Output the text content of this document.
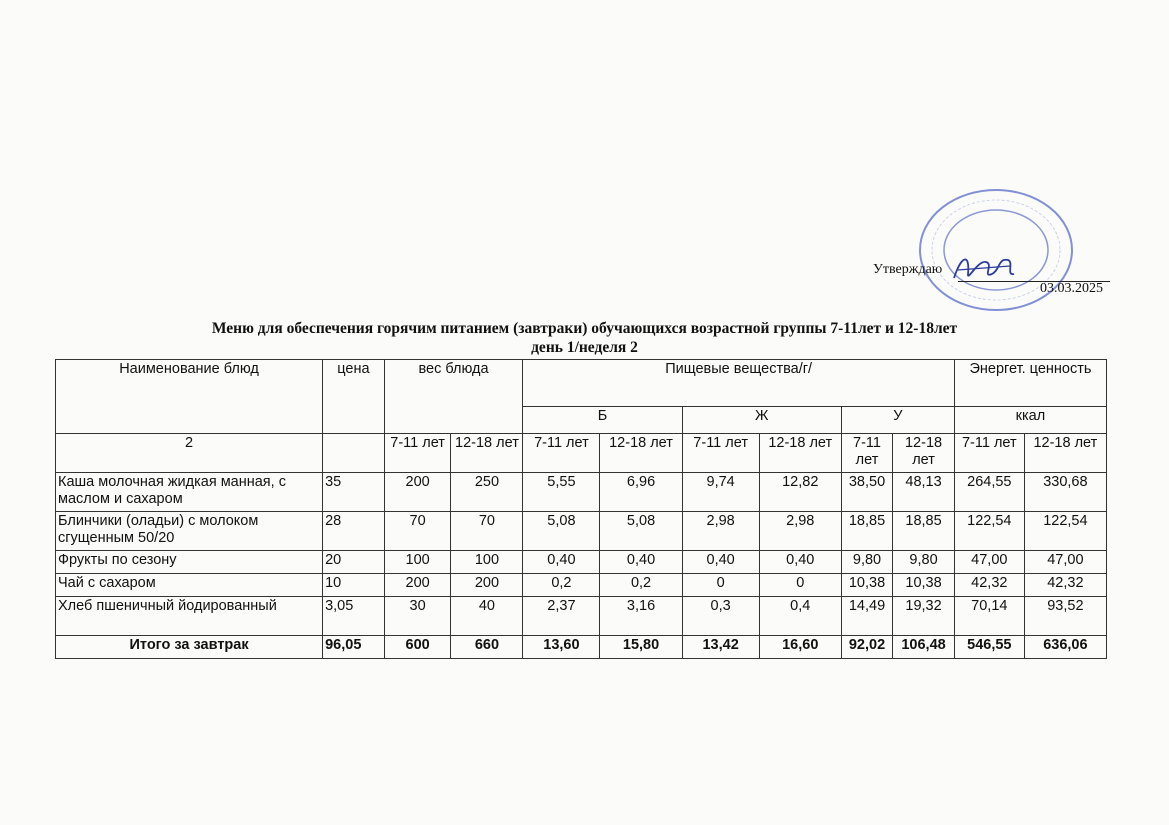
Утверждаю
03.03.2025
Меню для обеспечения горячим питанием (завтраки) обучающихся возрастной группы 7-11лет и 12-18лет
день 1/неделя 2
Наименование блюд	цена	вес блюда		Пищевые вещества/г/						Энергет. ценность	
				Б		Ж		У		ккал	
2		7-11 лет	12-18 лет	7-11 лет	12-18 лет	7-11 лет	12-18 лет	7-11 лет	12-18 лет	7-11 лет	12-18 лет
Каша молочная жидкая манная, с маслом и сахаром	35	200	250	5,55	6,96	9,74	12,82	38,50	48,13	264,55	330,68
Блинчики (оладьи) с молоком сгущенным 50/20	28	70	70	5,08	5,08	2,98	2,98	18,85	18,85	122,54	122,54
Фрукты по сезону	20	100	100	0,40	0,40	0,40	0,40	9,80	9,80	47,00	47,00
Чай с сахаром	10	200	200	0,2	0,2	0	0	10,38	10,38	42,32	42,32
Хлеб пшеничный йодированный	3,05	30	40	2,37	3,16	0,3	0,4	14,49	19,32	70,14	93,52
Итого за завтрак	96,05	600	660	13,60	15,80	13,42	16,60	92,02	106,48	546,55	636,06
